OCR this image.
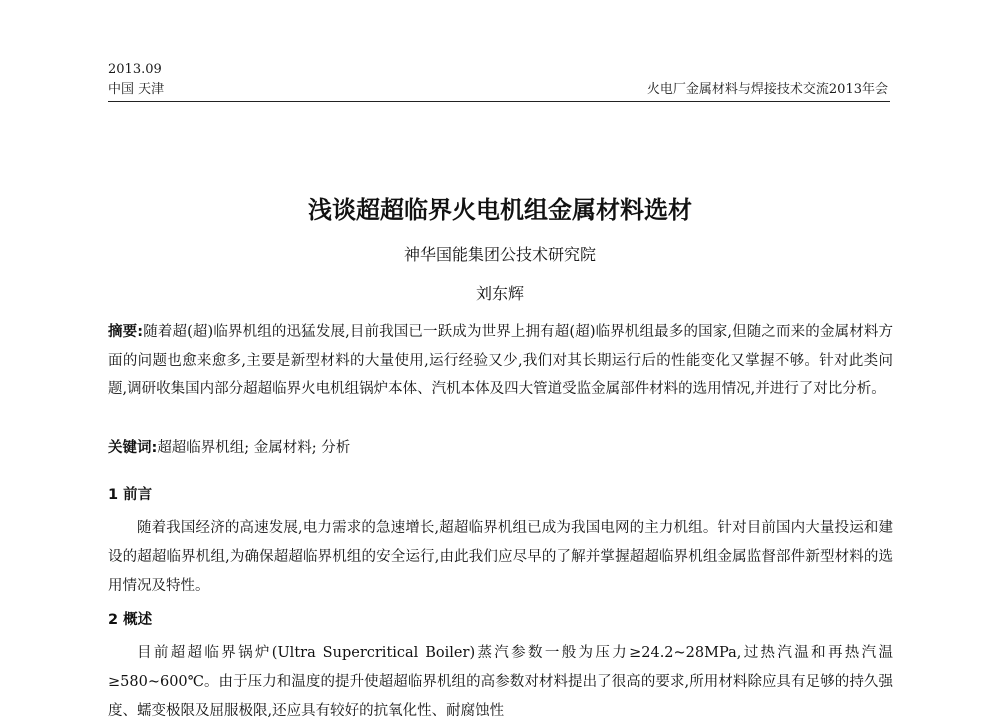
2013.09
中国 天津	火电厂金属材料与焊接技术交流2013年会
浅谈超超临界火电机组金属材料选材
神华国能集团公技术研究院
刘东辉
摘要:随着超(超)临界机组的迅猛发展,目前我国已一跃成为世界上拥有超(超)临界机组最多的国家,但随之而来的金属材料方面的问题也愈来愈多,主要是新型材料的大量使用,运行经验又少,我们对其长期运行后的性能变化又掌握不够。针对此类问题,调研收集国内部分超超临界火电机组锅炉本体、汽机本体及四大管道受监金属部件材料的选用情况,并进行了对比分析。
关键词:超超临界机组; 金属材料; 分析
1 前言
随着我国经济的高速发展,电力需求的急速增长,超超临界机组已成为我国电网的主力机组。针对目前国内大量投运和建设的超超临界机组,为确保超超临界机组的安全运行,由此我们应尽早的了解并掌握超超临界机组金属监督部件新型材料的选用情况及特性。
2 概述
目前超超临界锅炉(Ultra Supercritical Boiler)蒸汽参数一般为压力≥24.2~28MPa,过热汽温和再热汽温≥580~600℃。由于压力和温度的提升使超超临界机组的高参数对材料提出了很高的要求,所用材料除应具有足够的持久强度、蠕变极限及屈服极限,还应具有较好的抗氧化性、耐腐蚀性
